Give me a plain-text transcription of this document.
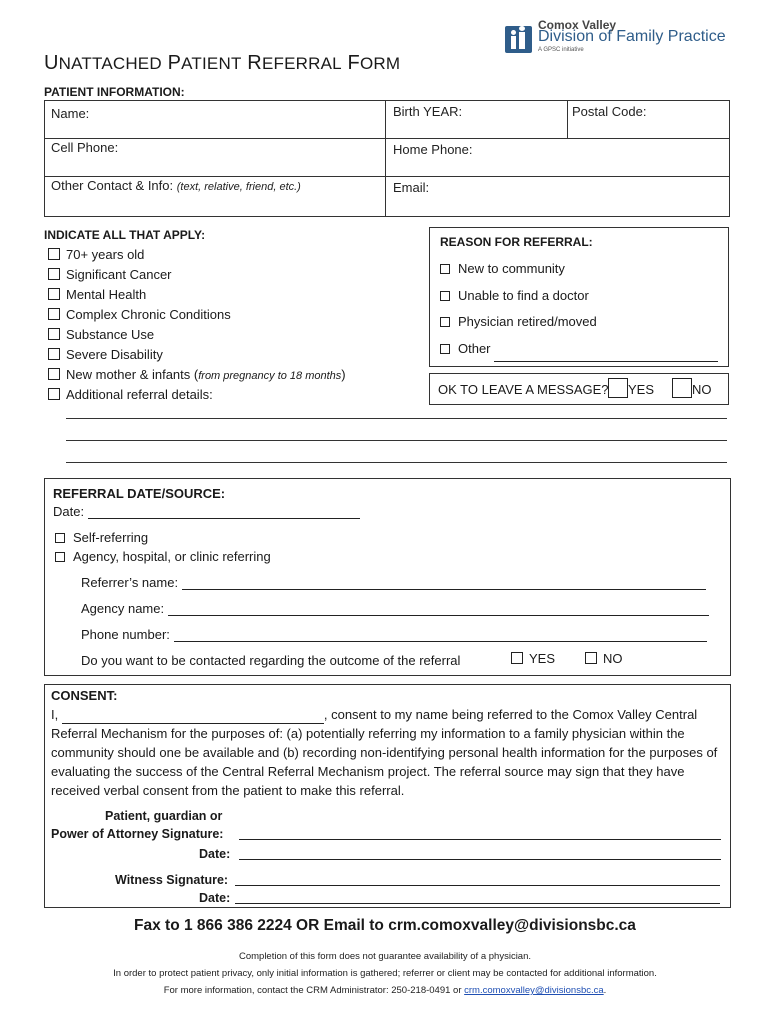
Comox Valley
Division of Family Practice
A GPSC initiative
UNATTACHED PATIENT REFERRAL FORM
PATIENT INFORMATION:
Name:	Birth YEAR:	Postal Code:
Cell Phone:	Home Phone:
Other Contact & Info: (text, relative, friend, etc.)	Email:
INDICATE ALL THAT APPLY:
70+ years old
Significant Cancer
Mental Health
Complex Chronic Conditions
Substance Use
Severe Disability
New mother & infants (from pregnancy to 18 months)
Additional referral details:
REASON FOR REFERRAL:
New to community
Unable to find a doctor
Physician retired/moved
Other
OK TO LEAVE A MESSAGE? YES	NO
REFERRAL DATE/SOURCE:
Date:
Self-referring
Agency, hospital, or clinic referring
Referrer’s name:
Agency name:
Phone number:
Do you want to be contacted regarding the outcome of the referral	YES	NO
CONSENT:
I,	, consent to my name being referred to the Comox Valley Central Referral Mechanism for the purposes of: (a) potentially referring my information to a family physician within the community should one be available and (b) recording non-identifying personal health information for the purposes of evaluating the success of the Central Referral Mechanism project. The referral source may sign that they have received verbal consent from the patient to make this referral.
Patient, guardian or
Power of Attorney Signature:
Date:
Witness Signature:
Date:
Fax to 1 866 386 2224 OR Email to crm.comoxvalley@divisionsbc.ca
Completion of this form does not guarantee availability of a physician.
In order to protect patient privacy, only initial information is gathered; referrer or client may be contacted for additional information.
For more information, contact the CRM Administrator: 250-218-0491 or crm.comoxvalley@divisionsbc.ca.
